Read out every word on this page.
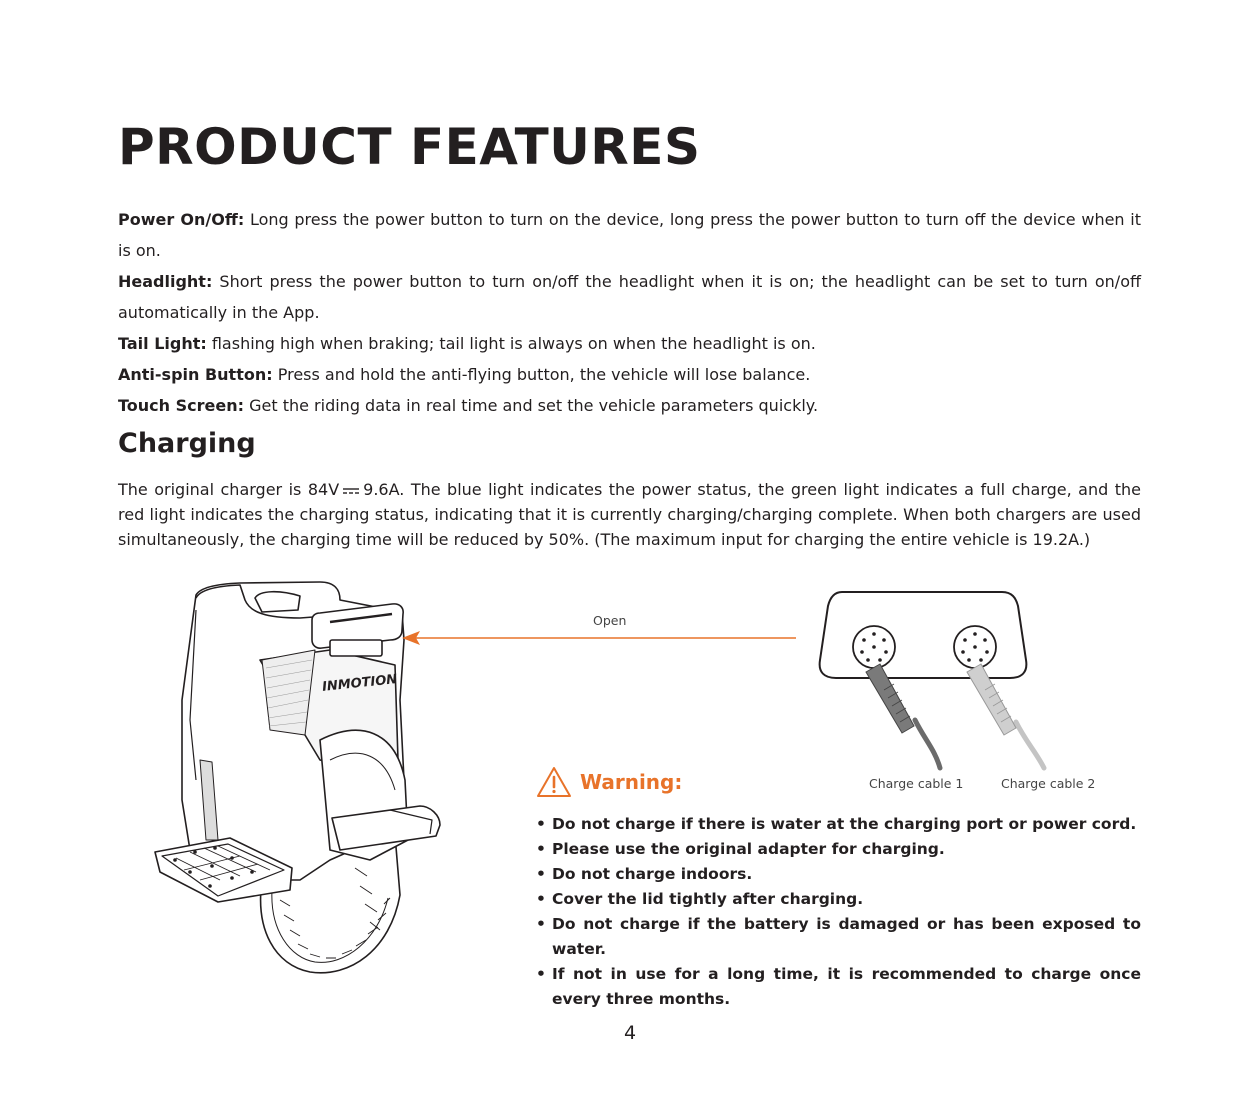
PRODUCT FEATURES

Power On/Off: Long press the power button to turn on the device, long press the power button to turn off the device when it is on.

Headlight: Short press the power button to turn on/off the headlight when it is on; the headlight can be set to turn on/off automatically in the App.

Tail Light: flashing high when braking; tail light is always on when the headlight is on.

Anti-spin Button: Press and hold the anti-flying button, the vehicle will lose balance.

Touch Screen: Get the riding data in real time and set the vehicle parameters quickly.

Charging

The original charger is 84V 9.6A. The blue light indicates the power status, the green light indicates a full charge, and the red light indicates the charging status, indicating that it is currently charging/charging complete. When both chargers are used simultaneously, the charging time will be reduced by 50%. (The maximum input for charging the entire vehicle is 19.2A.)

INMOTION
Open
Charge cable 1	Charge cable 2
Warning:
• Do not charge if there is water at the charging port or power cord.
• Please use the original adapter for charging.
• Do not charge indoors.
• Cover the lid tightly after charging.
• Do not charge if the battery is damaged or has been exposed to water.
• If not in use for a long time, it is recommended to charge once every three months.
4
